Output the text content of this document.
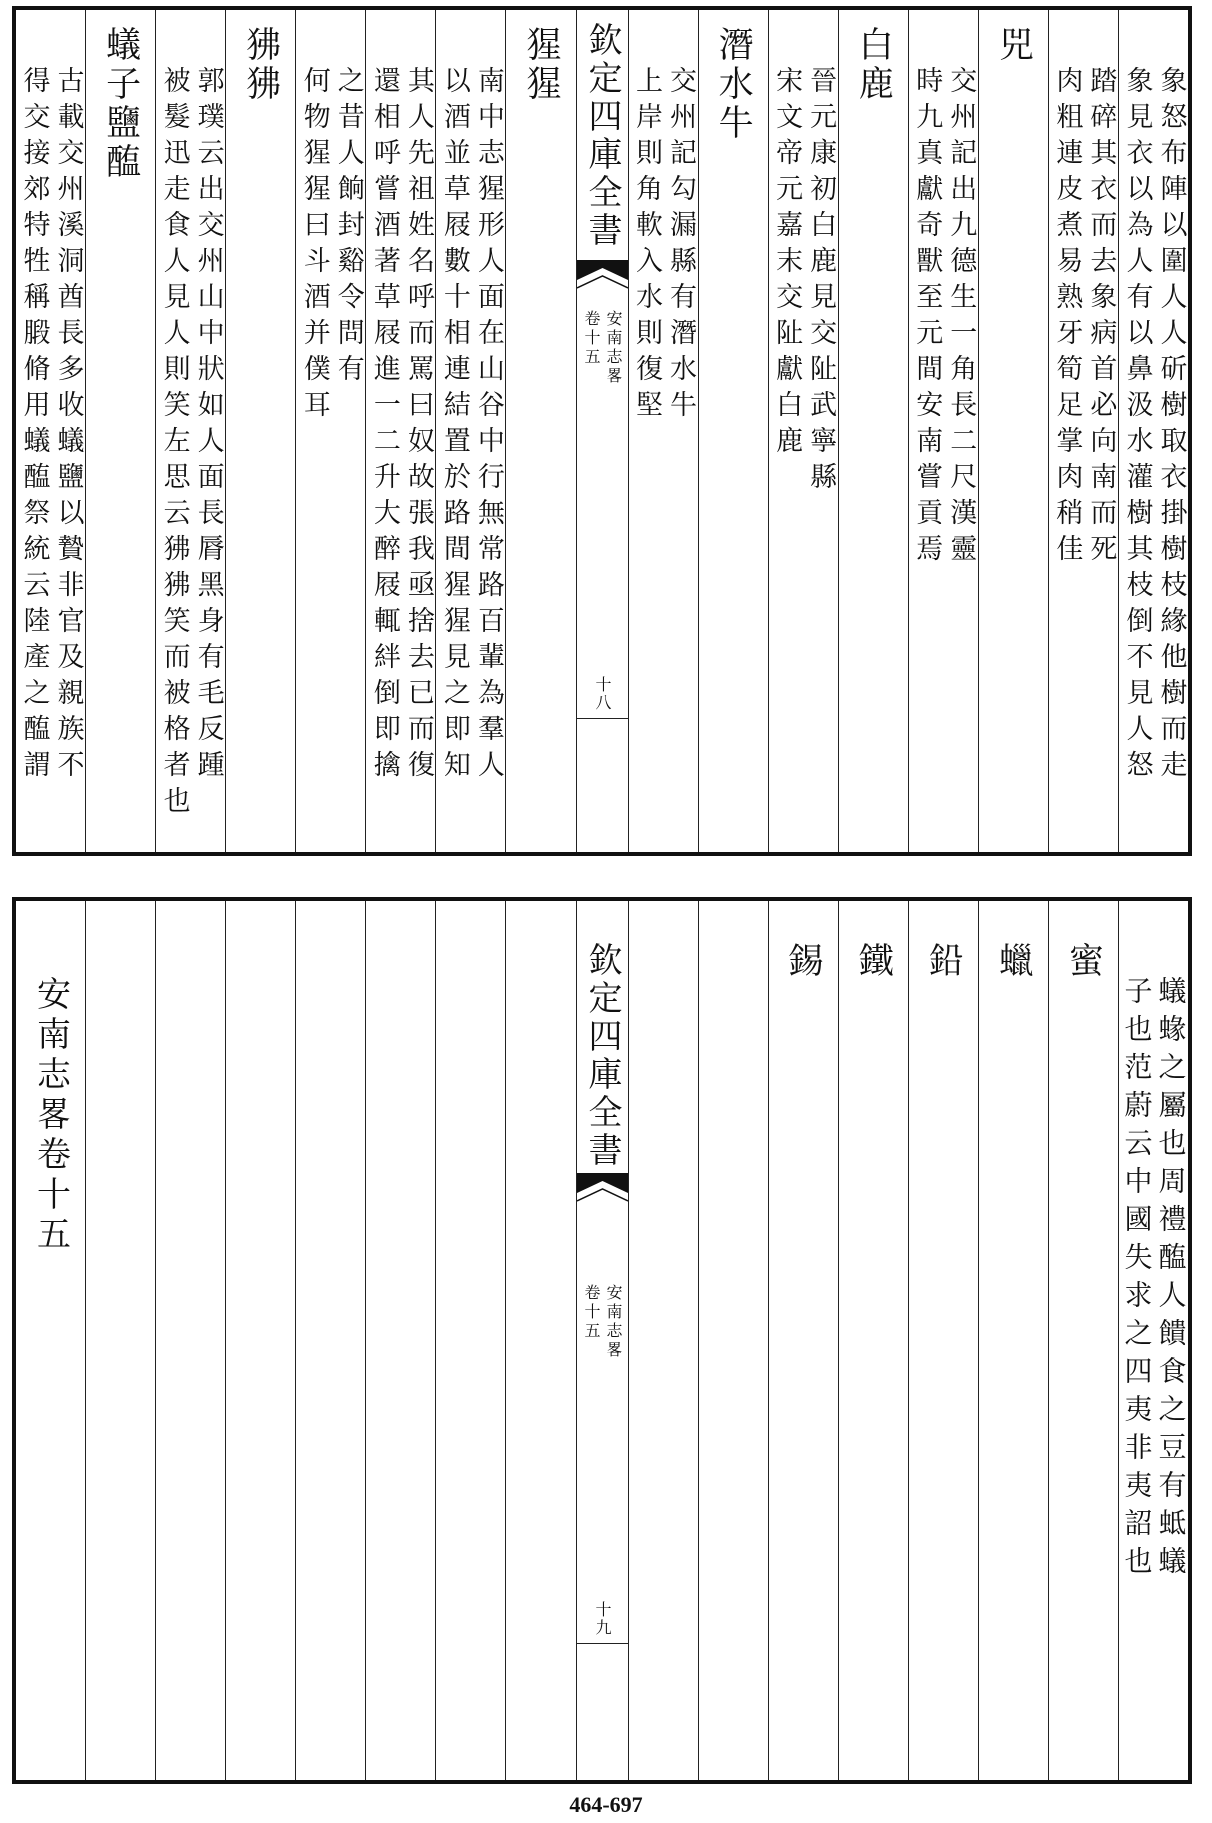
象怒布陣以圍人人斫樹取衣掛樹枝緣他樹而走
象見衣以為人有以鼻汲水灌樹其枝倒不見人怒
踏碎其衣而去象病首必向南而死
肉粗連皮煮易熟牙筍足掌肉稍佳
兕
交州記出九德生一角長二尺漢靈
時九真獻奇獸至元間安南嘗貢焉
白鹿
晉元康初白鹿見交阯武寧縣
宋文帝元嘉末交阯獻白鹿
潛水牛
交州記勾漏縣有潛水牛
上岸則角軟入水則復堅
欽定四庫全書
安南志畧
卷十五
十八
猩猩
南中志猩形人面在山谷中行無常路百輩為羣人
以酒並草屐數十相連結置於路間猩猩見之即知
其人先祖姓名呼而罵曰奴故張我亟捨去已而復
還相呼嘗酒著草屐進一二升大醉屐輒絆倒即擒
之昔人餉封谿令問有
何物猩猩曰斗酒并僕耳
狒狒
郭璞云出交州山中狀如人面長脣黑身有毛反踵
被髮迅走食人見人則笑左思云狒狒笑而被格者也
蟻子鹽醢
古載交州溪洞酋長多收蟻鹽以贄非官及親族不
得交接郊特牲稱腶脩用蟻醢祭統云陸產之醢謂
蟻蝝之屬也周禮醢人饋食之豆有蚳蟻
子也范蔚云中國失求之四夷非夷詔也
蜜
蠟
鉛
鐵
錫
欽定四庫全書
安南志畧
卷十五
十九
安南志畧卷十五
464-697
